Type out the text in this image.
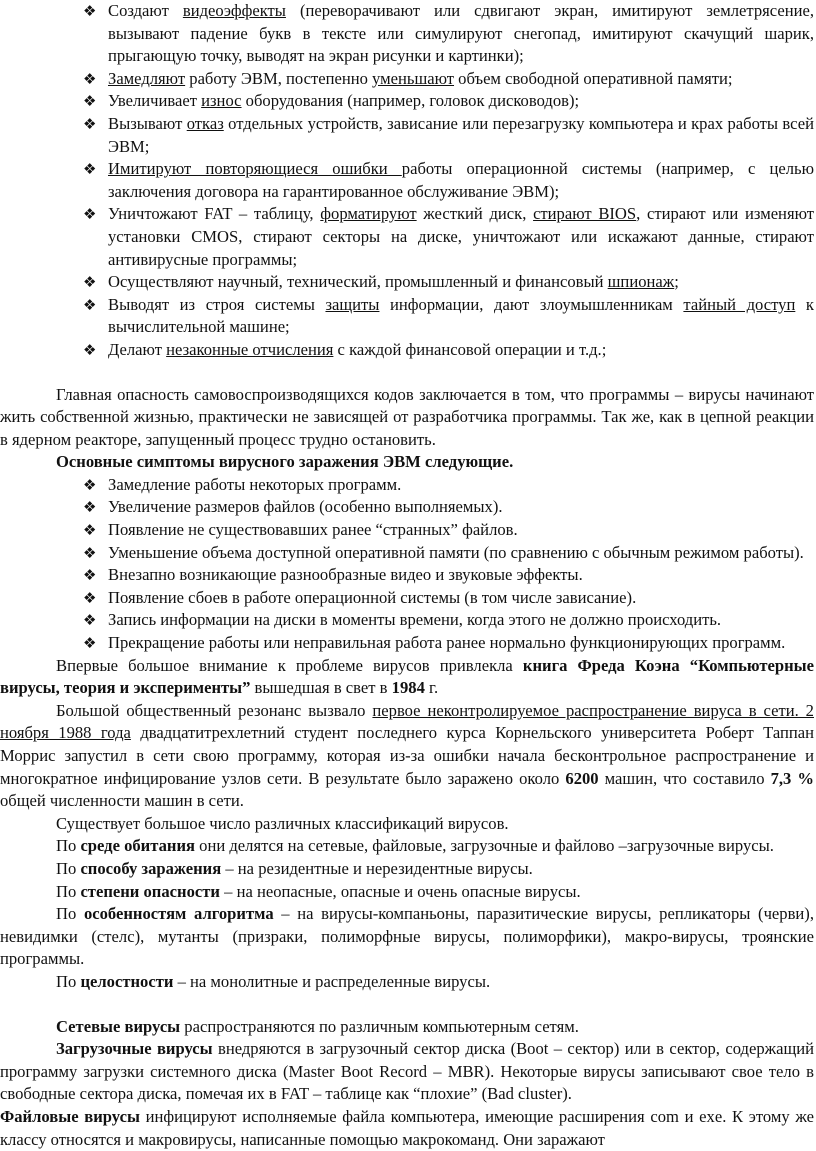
❖ Создают видеоэффекты (переворачивают или сдвигают экран, имитируют землетрясение, вызывают падение букв в тексте или симулируют снегопад, имитируют скачущий шарик, прыгающую точку, выводят на экран рисунки и картинки);
❖ Замедляют работу ЭВМ, постепенно уменьшают объем свободной оперативной памяти;
❖ Увеличивает износ оборудования (например, головок дисководов);
❖ Вызывают отказ отдельных устройств, зависание или перезагрузку компьютера и крах работы всей ЭВМ;
❖ Имитируют повторяющиеся ошибки работы операционной системы (например, с целью заключения договора на гарантированное обслуживание ЭВМ);
❖ Уничтожают FAT – таблицу, форматируют жесткий диск, стирают BIOS, стирают или изменяют установки CMOS, стирают секторы на диске, уничтожают или искажают данные, стирают антивирусные программы;
❖ Осуществляют научный, технический, промышленный и финансовый шпионаж;
❖ Выводят из строя системы защиты информации, дают злоумышленникам тайный доступ к вычислительной машине;
❖ Делают незаконные отчисления с каждой финансовой операции и т.д.;

Главная опасность самовоспроизводящихся кодов заключается в том, что программы – вирусы начинают жить собственной жизнью, практически не зависящей от разработчика программы. Так же, как в цепной реакции в ядерном реакторе, запущенный процесс трудно остановить.

Основные симптомы вирусного заражения ЭВМ следующие.

❖ Замедление работы некоторых программ.
❖ Увеличение размеров файлов (особенно выполняемых).
❖ Появление не существовавших ранее “странных” файлов.
❖ Уменьшение объема доступной оперативной памяти (по сравнению с обычным режимом работы).
❖ Внезапно возникающие разнообразные видео и звуковые эффекты.
❖ Появление сбоев в работе операционной системы (в том числе зависание).
❖ Запись информации на диски в моменты времени, когда этого не должно происходить.
❖ Прекращение работы или неправильная работа ранее нормально функционирующих программ.

Впервые большое внимание к проблеме вирусов привлекла книга Фреда Коэна “Компьютерные вирусы, теория и эксперименты” вышедшая в свет в 1984 г.

Большой общественный резонанс вызвало первое неконтролируемое распространение вируса в сети. 2 ноября 1988 года двадцатитрехлетний студент последнего курса Корнельского университета Роберт Таппан Моррис запустил в сети свою программу, которая из-за ошибки начала бесконтрольное распространение и многократное инфицирование узлов сети. В результате было заражено около 6200 машин, что составило 7,3 % общей численности машин в сети.

Существует большое число различных классификаций вирусов.

По среде обитания они делятся на сетевые, файловые, загрузочные и файлово –загрузочные вирусы.

По способу заражения – на резидентные и нерезидентные вирусы.

По степени опасности – на неопасные, опасные и очень опасные вирусы.

По особенностям алгоритма – на вирусы-компаньоны, паразитические вирусы, репликаторы (черви), невидимки (стелс), мутанты (призраки, полиморфные вирусы, полиморфики), макро-вирусы, троянские программы.

По целостности – на монолитные и распределенные вирусы.

Сетевые вирусы распространяются по различным компьютерным сетям.

Загрузочные вирусы внедряются в загрузочный сектор диска (Boot – сектор) или в сектор, содержащий программу загрузки системного диска (Master Boot Record – MBR). Некоторые вирусы записывают свое тело в свободные сектора диска, помечая их в FAT – таблице как “плохие” (Bad cluster).

Файловые вирусы инфицируют исполняемые файла компьютера, имеющие расширения com и exe. К этому же классу относятся и макровирусы, написанные помощью макрокоманд. Они заражают
